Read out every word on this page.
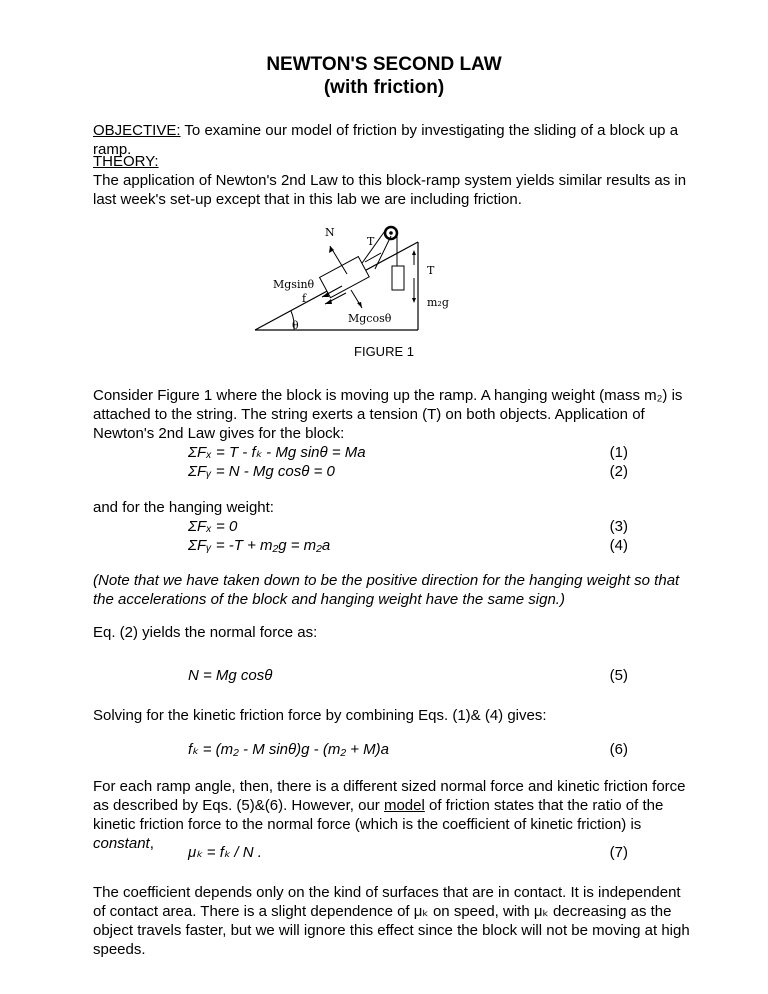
NEWTON'S SECOND LAW
(with friction)
OBJECTIVE: To examine our model of friction by investigating the sliding of a block up a ramp.
THEORY:
The application of Newton's 2nd Law to this block-ramp system yields similar results as in last week's set-up except that in this lab we are including friction.
N
T
T
Mgsinθ
f
Mgcosθ
θ
m₂g
FIGURE 1
Consider Figure 1 where the block is moving up the ramp. A hanging weight (mass m₂) is attached to the string. The string exerts a tension (T) on both objects. Application of Newton's 2nd Law gives for the block:
ΣFₓ = T - fₖ - Mg sinθ = Ma	(1)
ΣFᵧ = N - Mg cosθ = 0	(2)
and for the hanging weight:
ΣFₓ = 0	(3)
ΣFᵧ = -T + m₂g = m₂a	(4)
(Note that we have taken down to be the positive direction for the hanging weight so that the accelerations of the block and hanging weight have the same sign.)
Eq. (2) yields the normal force as:
N = Mg cosθ	(5)
Solving for the kinetic friction force by combining Eqs. (1)& (4) gives:
fₖ = (m₂ - M sinθ)g - (m₂ + M)a	(6)
For each ramp angle, then, there is a different sized normal force and kinetic friction force as described by Eqs. (5)&(6). However, our model of friction states that the ratio of the kinetic friction force to the normal force (which is the coefficient of kinetic friction) is constant,
μₖ = fₖ / N .	(7)
The coefficient depends only on the kind of surfaces that are in contact. It is independent of contact area. There is a slight dependence of μₖ on speed, with μₖ decreasing as the object travels faster, but we will ignore this effect since the block will not be moving at high speeds.
